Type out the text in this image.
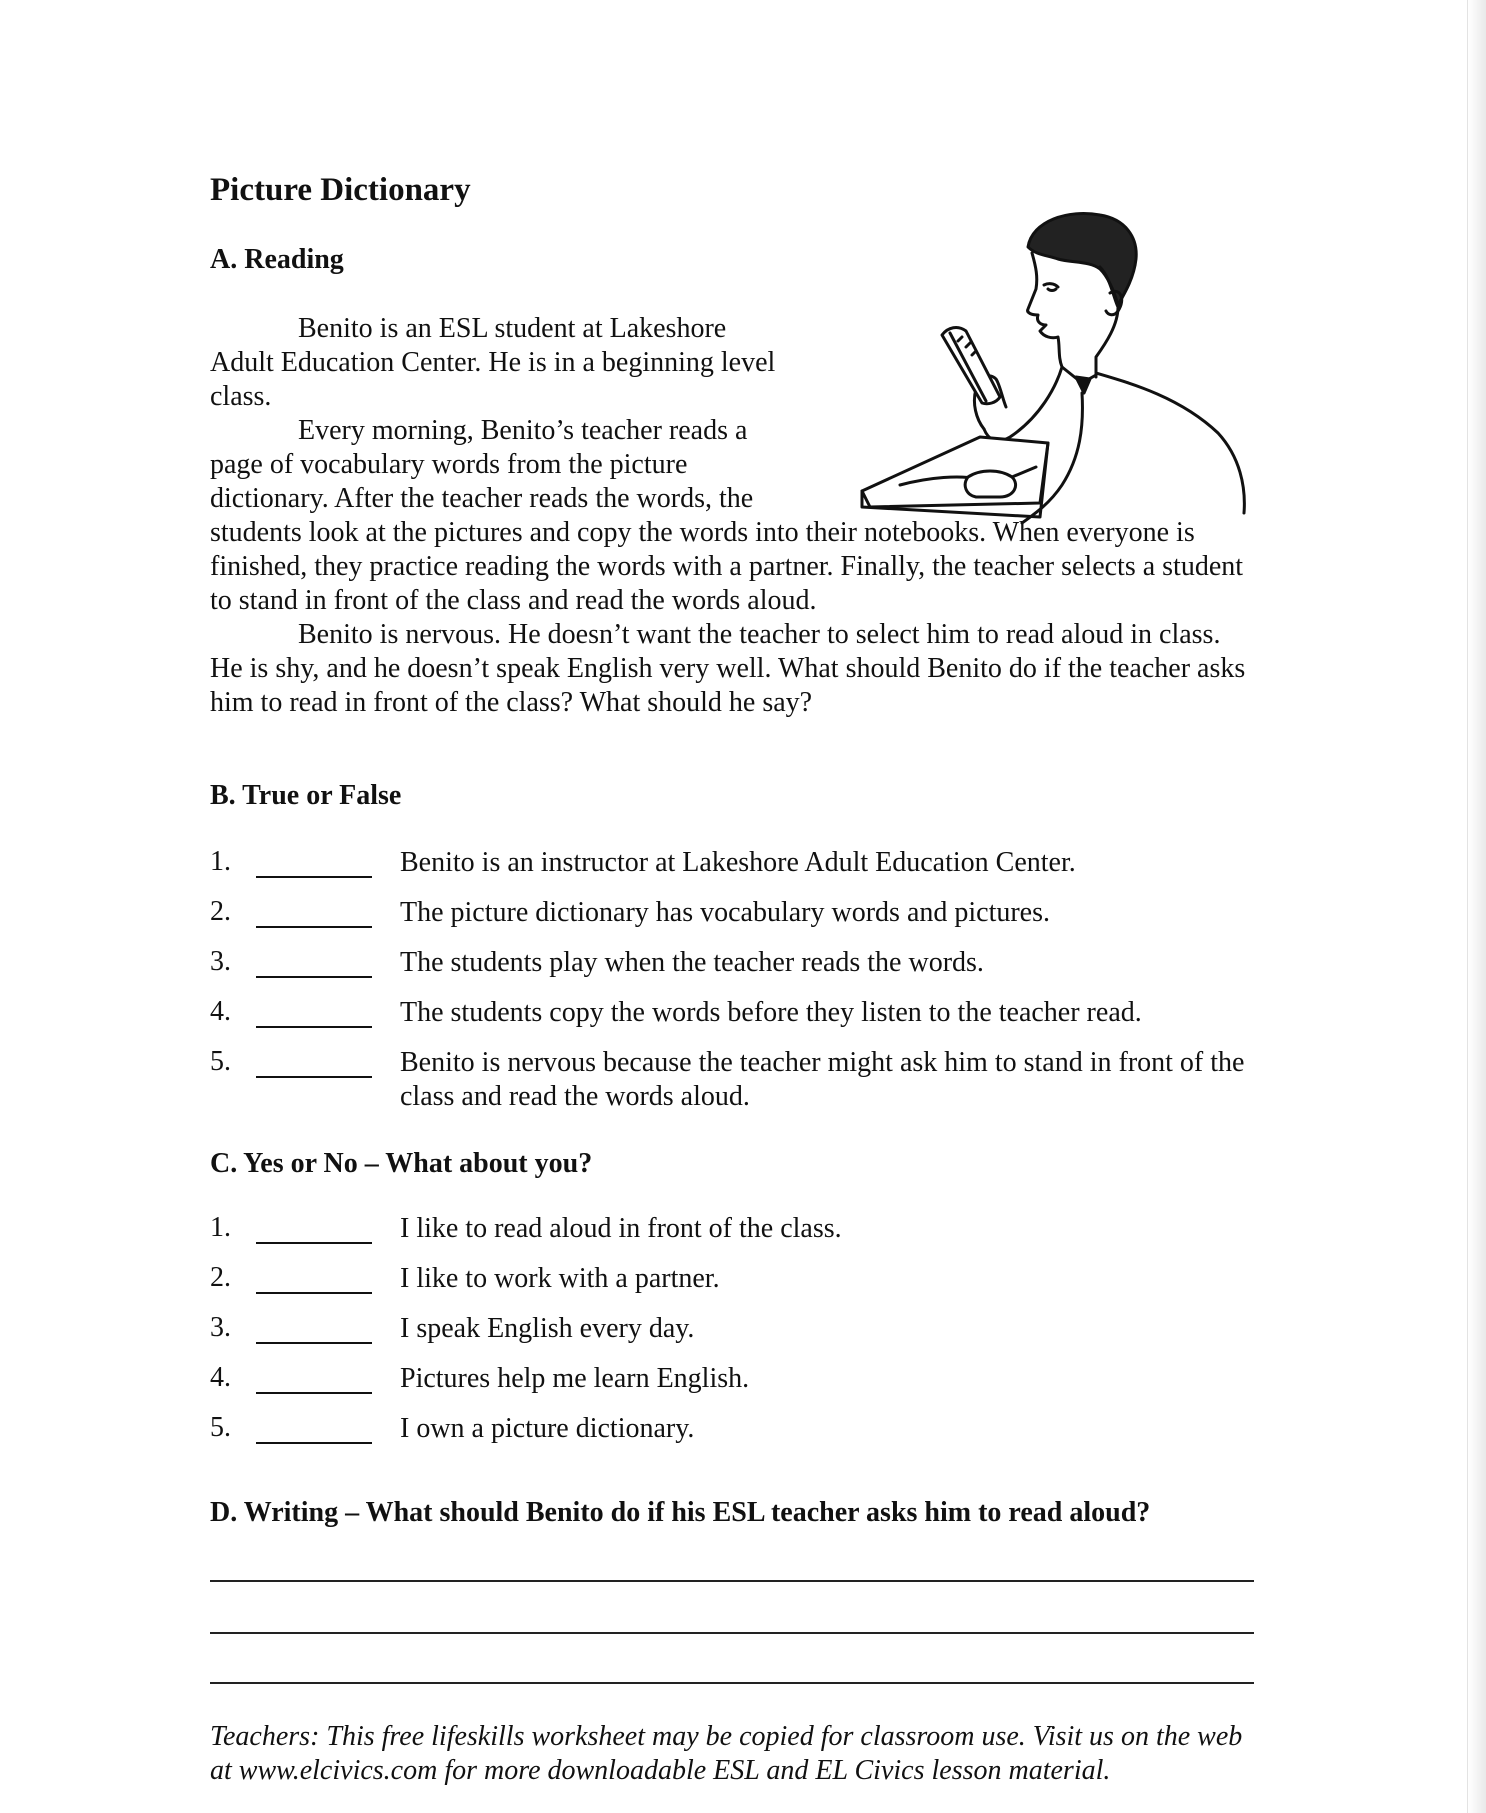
Picture Dictionary
A. Reading

Benito is an ESL student at Lakeshore Adult Education Center. He is in a beginning level class.

Every morning, Benito’s teacher reads a page of vocabulary words from the picture dictionary. After the teacher reads the words, the students look at the pictures and copy the words into their notebooks. When everyone is finished, they practice reading the words with a partner. Finally, the teacher selects a student to stand in front of the class and read the words aloud.

Benito is nervous. He doesn’t want the teacher to select him to read aloud in class. He is shy, and he doesn’t speak English very well. What should Benito do if the teacher asks him to read in front of the class? What should he say?

B. True or False
1.	Benito is an instructor at Lakeshore Adult Education Center.
2.	The picture dictionary has vocabulary words and pictures.
3.	The students play when the teacher reads the words.
4.	The students copy the words before they listen to the teacher read.
5.	Benito is nervous because the teacher might ask him to stand in front of the class and read the words aloud.
C. Yes or No – What about you?
1.	I like to read aloud in front of the class.
2.	I like to work with a partner.
3.	I speak English every day.
4.	Pictures help me learn English.
5.	I own a picture dictionary.
D. Writing – What should Benito do if his ESL teacher asks him to read aloud?
Teachers: This free lifeskills worksheet may be copied for classroom use. Visit us on the web at www.elcivics.com for more downloadable ESL and EL Civics lesson material.
